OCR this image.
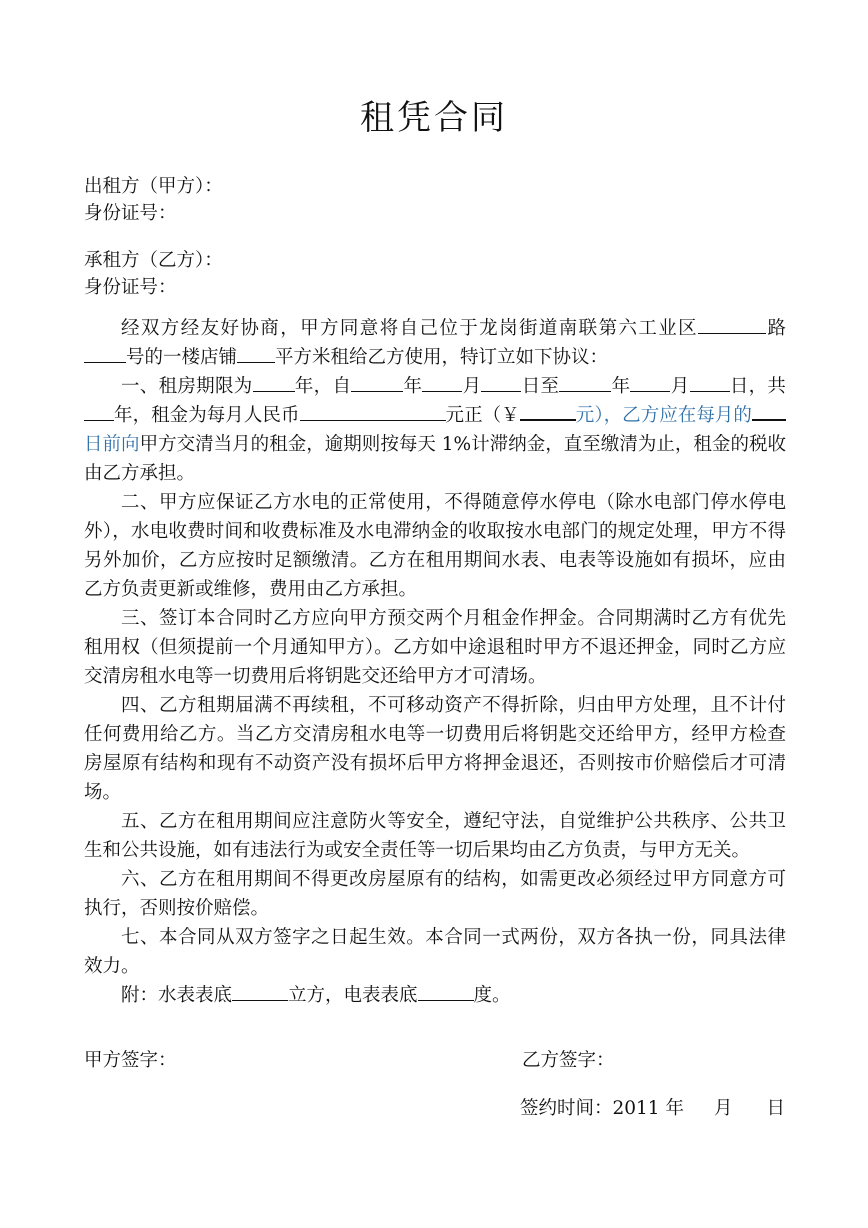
租凭合同
出租方（甲方）：
身份证号：
承租方（乙方）：
身份证号：

经双方经友好协商，甲方同意将自己位于龙岗街道南联第六工业区	路号的一楼店铺 平方米租给乙方使用，特订立如下协议：

一、租房期限为 年，自	年 月 日至	年 月 日，共年，租金为每月人民币	元正（￥	元），乙方应在每月的日前向甲方交清当月的租金，逾期则按每天 1%计滞纳金，直至缴清为止，租金的税收由乙方承担。

二、甲方应保证乙方水电的正常使用，不得随意停水停电（除水电部门停水停电外），水电收费时间和收费标准及水电滞纳金的收取按水电部门的规定处理，甲方不得另外加价，乙方应按时足额缴清。乙方在租用期间水表、电表等设施如有损坏，应由乙方负责更新或维修，费用由乙方承担。

三、签订本合同时乙方应向甲方预交两个月租金作押金。合同期满时乙方有优先租用权（但须提前一个月通知甲方）。乙方如中途退租时甲方不退还押金，同时乙方应交清房租水电等一切费用后将钥匙交还给甲方才可清场。

四、乙方租期届满不再续租，不可移动资产不得折除，归由甲方处理，且不计付任何费用给乙方。当乙方交清房租水电等一切费用后将钥匙交还给甲方，经甲方检查房屋原有结构和现有不动资产没有损坏后甲方将押金退还，否则按市价赔偿后才可清场。

五、乙方在租用期间应注意防火等安全，遵纪守法，自觉维护公共秩序、公共卫生和公共设施，如有违法行为或安全责任等一切后果均由乙方负责，与甲方无关。

六、乙方在租用期间不得更改房屋原有的结构，如需更改必须经过甲方同意方可执行，否则按价赔偿。

七、本合同从双方签字之日起生效。本合同一式两份，双方各执一份，同具法律效力。

附：水表表底	立方，电表表底	度。

甲方签字：	乙方签字：
签约时间：2011 年 月 日
